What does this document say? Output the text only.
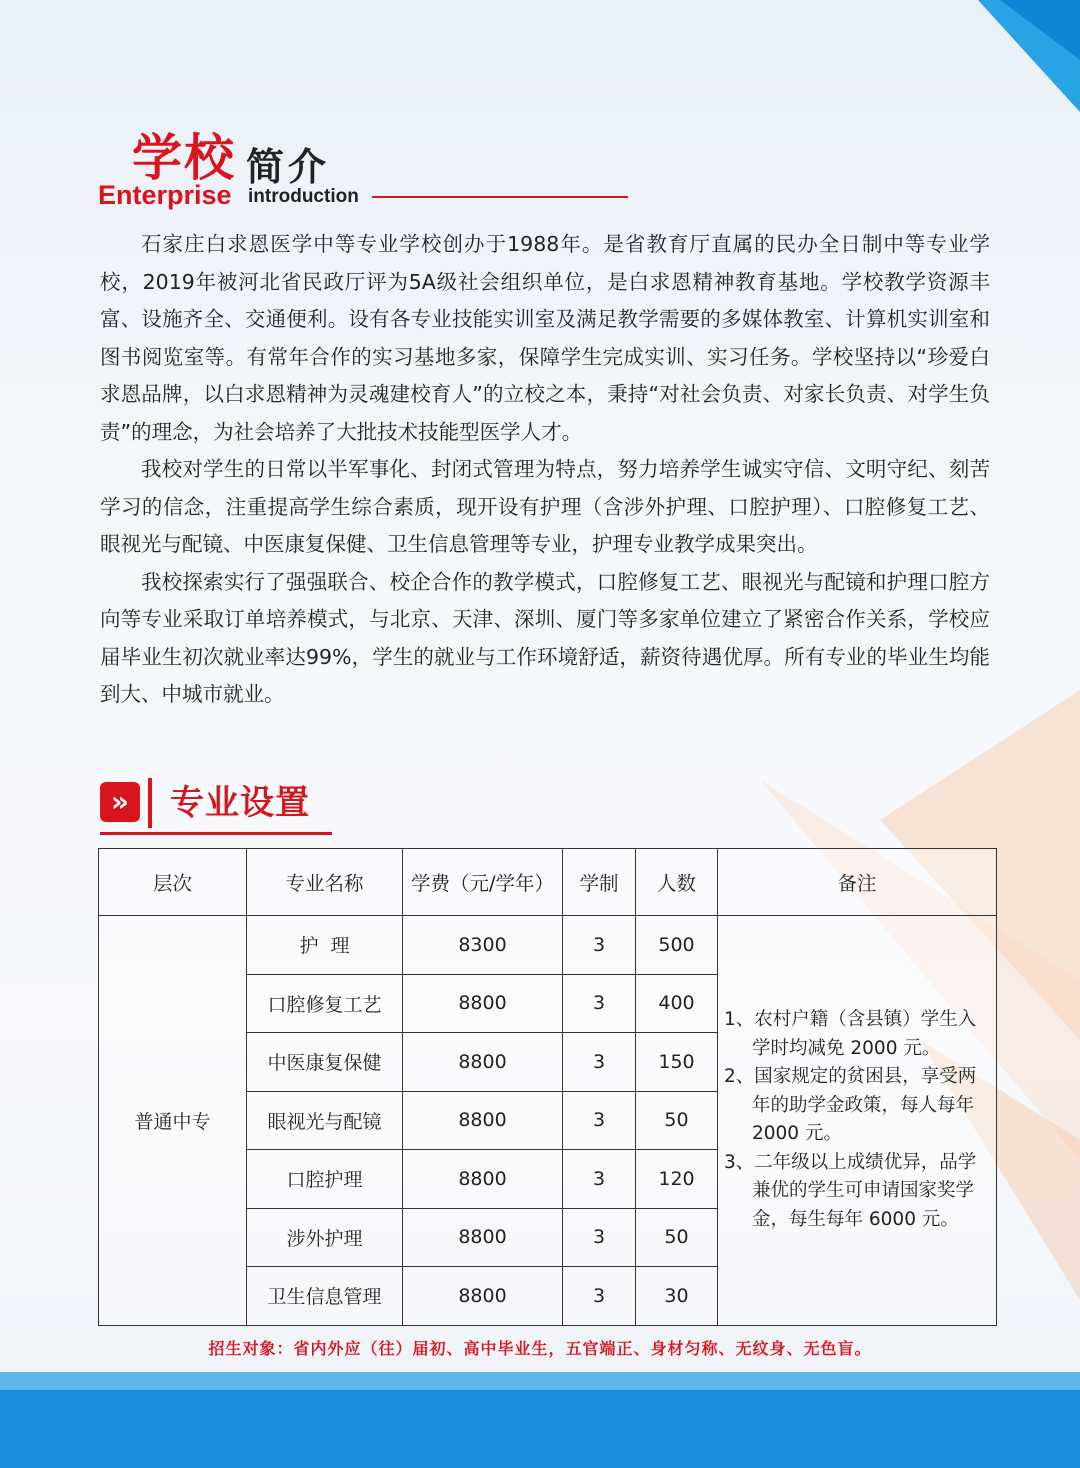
学校 简介
Enterprise introduction

石家庄白求恩医学中等专业学校创办于1988年。是省教育厅直属的民办全日制中等专业学校，2019年被河北省民政厅评为5A级社会组织单位，是白求恩精神教育基地。学校教学资源丰富、设施齐全、交通便利。设有各专业技能实训室及满足教学需要的多媒体教室、计算机实训室和图书阅览室等。有常年合作的实习基地多家，保障学生完成实训、实习任务。学校坚持以“珍爱白求恩品牌，以白求恩精神为灵魂建校育人”的立校之本，秉持“对社会负责、对家长负责、对学生负责”的理念，为社会培养了大批技术技能型医学人才。

我校对学生的日常以半军事化、封闭式管理为特点，努力培养学生诚实守信、文明守纪、刻苦学习的信念，注重提高学生综合素质，现开设有护理（含涉外护理、口腔护理）、口腔修复工艺、眼视光与配镜、中医康复保健、卫生信息管理等专业，护理专业教学成果突出。

我校探索实行了强强联合、校企合作的教学模式，口腔修复工艺、眼视光与配镜和护理口腔方向等专业采取订单培养模式，与北京、天津、深圳、厦门等多家单位建立了紧密合作关系，学校应届毕业生初次就业率达99%，学生的就业与工作环境舒适，薪资待遇优厚。所有专业的毕业生均能到大、中城市就业。

»	专业设置
层次	专业名称	学费（元/学年）	学制	人数	备注
普通中专	护  理	8300	3	500	1、农村户籍（含县镇）学生入学时均减免 2000 元。
2、国家规定的贫困县，享受两年的助学金政策，每人每年 2000 元。
3、二年级以上成绩优异，品学兼优的学生可申请国家奖学金，每生每年 6000 元。

	口腔修复工艺	8800	3	400	
	中医康复保健	8800	3	150	
	眼视光与配镜	8800	3	50	
	口腔护理	8800	3	120	
	涉外护理	8800	3	50	
	卫生信息管理	8800	3	30	
招生对象：省内外应（往）届初、高中毕业生，五官端正、身材匀称、无纹身、无色盲。
